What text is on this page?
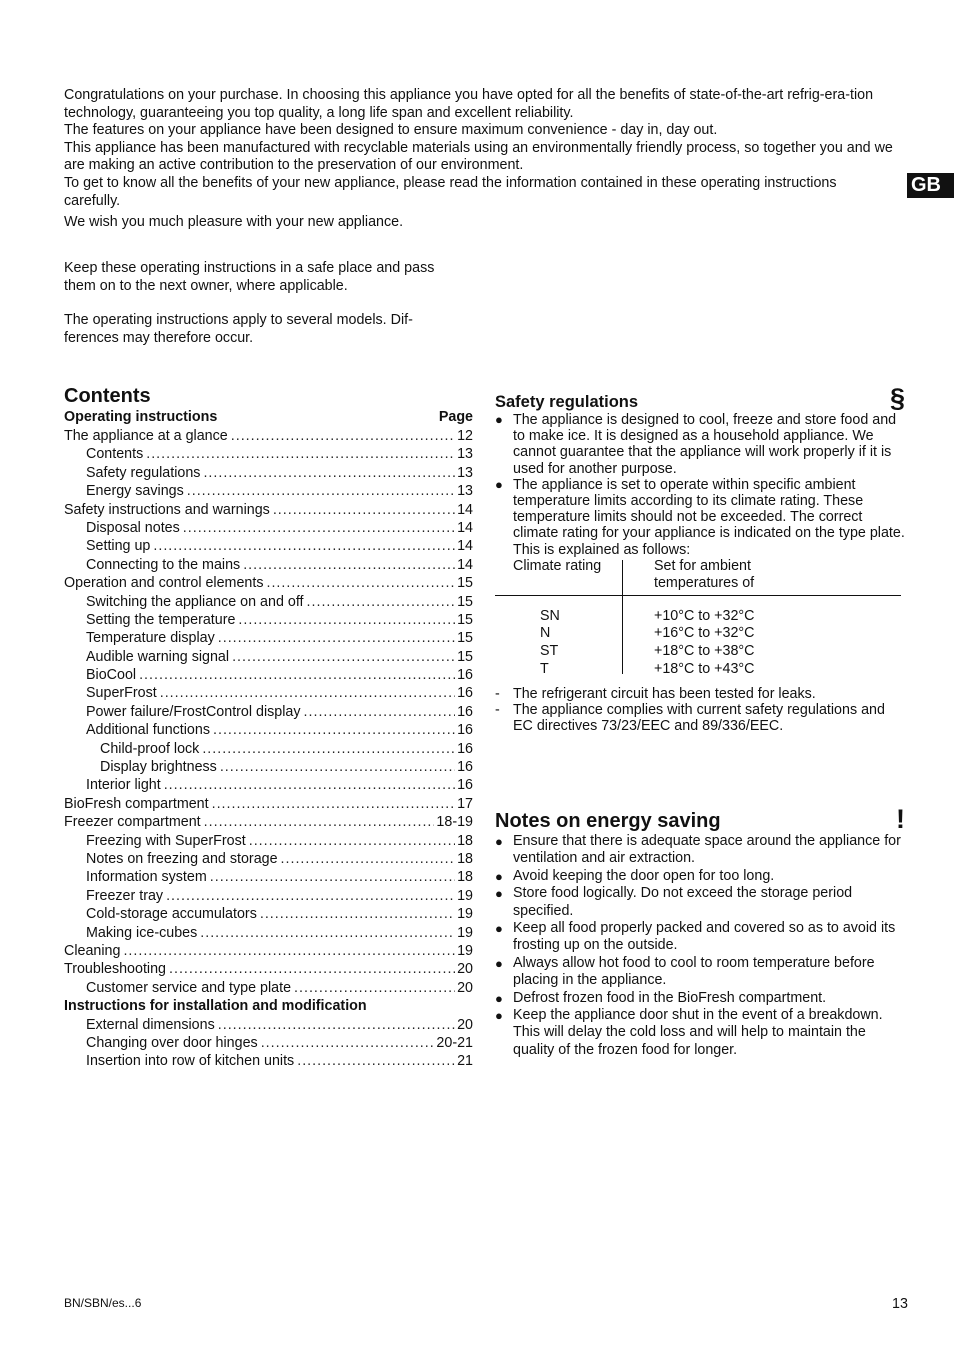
Congratulations on your purchase. In choosing this appliance you have opted for all the benefits of state-of-the-art refrig-era-tion technology, guaranteeing you top quality, a long life span and excellent reliability.

The features on your appliance have been designed to ensure maximum convenience - day in, day out.

This appliance has been manufactured with recyclable materials using an environmentally friendly process, so together you and we are making an active contribution to the preservation of our environment.

To get to know all the benefits of your new appliance, please read the information contained in these operating instructions carefully.

We wish you much pleasure with your new appliance.

GB

Keep these operating instructions in a safe place and pass them on to the next owner, where applicable.

The operating instructions apply to several models. Dif-ferences may therefore occur.

Contents
Operating instructions	Page
The appliance at a glance .....	12
Contents .....	13
Safety regulations .....	13
Energy savings .....	13
Safety instructions and warnings .....	14
Disposal notes .....	14
Setting up .....	14
Connecting to the mains .....	14
Operation and control elements .....	15
Switching the appliance on and off .....	15
Setting the temperature .....	15
Temperature display .....	15
Audible warning signal .....	15
BioCool .....	16
SuperFrost .....	16
Power failure/FrostControl display .....	16
Additional functions .....	16
Child-proof lock .....	16
Display brightness .....	16
Interior light .....	16
BioFresh compartment .....	17
Freezer compartment .....	18-19
Freezing with SuperFrost .....	18
Notes on freezing and storage .....	18
Information system .....	18
Freezer tray .....	19
Cold-storage accumulators .....	19
Making ice-cubes .....	19
Cleaning .....	19
Troubleshooting .....	20
Customer service and type plate .....	20
Instructions for installation and modification
External dimensions .....	20
Changing over door hinges .....	20-21
Insertion into row of kitchen units .....	21
Safety regulations	§
● The appliance is designed to cool, freeze and store food and to make ice. It is designed as a household appliance. We cannot guarantee that the appliance will work properly if it is used for another purpose.
● The appliance is set to operate within specific ambient temperature limits according to its climate rating. These temperature limits should not be exceeded. The correct climate rating for your appliance is indicated on the type plate. This is explained as follows:
Climate rating	Set for ambient temperatures of
SN	+10°C to +32°C
N	+16°C to +32°C
ST	+18°C to +38°C
T	+18°C to +43°C
- The refrigerant circuit has been tested for leaks.
- The appliance complies with current safety regulations and EC directives 73/23/EEC and 89/336/EEC.
Notes on energy saving	!
● Ensure that there is adequate space around the appliance for ventilation and air extraction.
● Avoid keeping the door open for too long.
● Store food logically. Do not exceed the storage period specified.
● Keep all food properly packed and covered so as to avoid its frosting up on the outside.
● Always allow hot food to cool to room temperature before placing in the appliance.
● Defrost frozen food in the BioFresh compartment.
● Keep the appliance door shut in the event of a breakdown. This will delay the cold loss and will help to maintain the quality of the frozen food for longer.
BN/SBN/es...6	13
